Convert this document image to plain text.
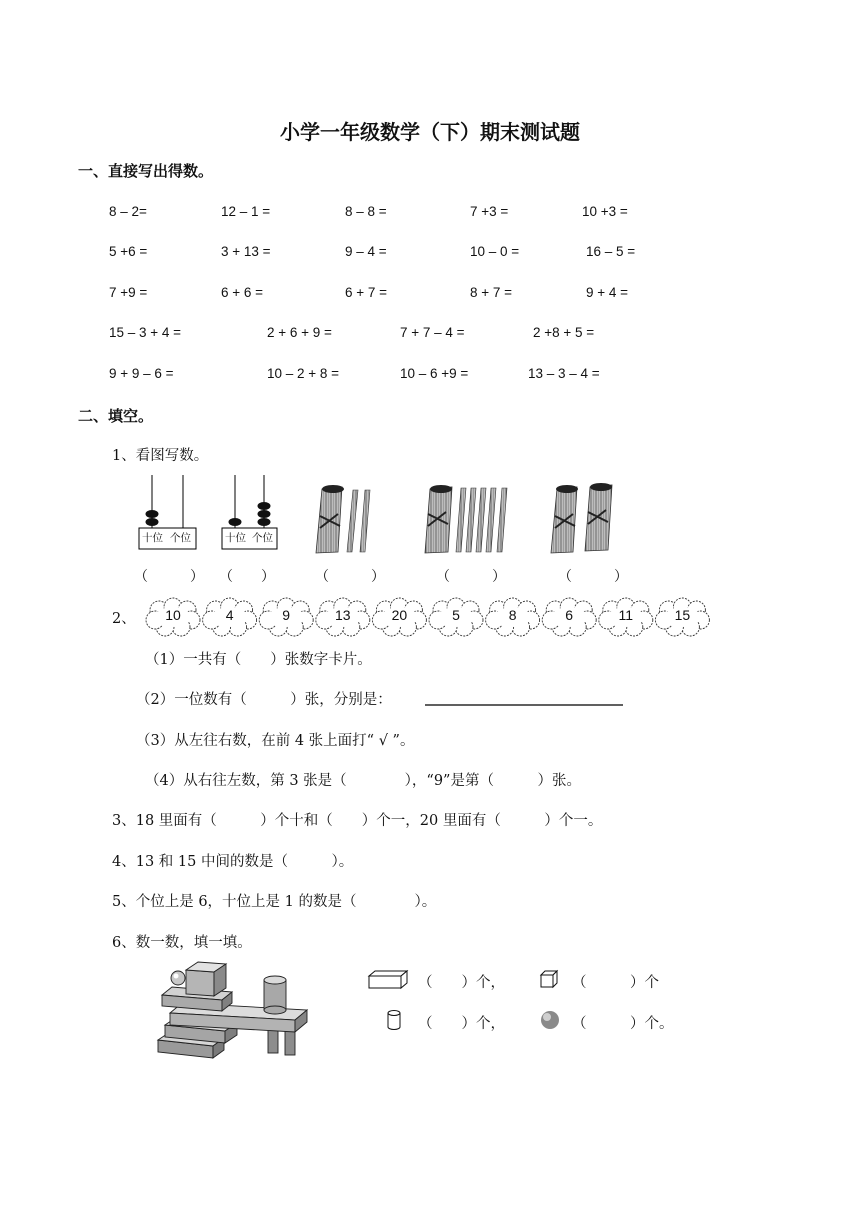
小学一年级数学（下）期末测试题
一、直接写出得数。
8 – 2=	12 – 1 =	8 – 8 =	7 +3 =	10 +3 =
5 +6 =	3 + 13 =	9 – 4 =	10 – 0 =	16 – 5 =
7 +9 =	6 + 6 =	6 + 7 =	8 + 7 =	9 + 4 =
15 – 3 + 4 =	2 + 6 + 9 =	7 + 7 – 4 =	2 +8 + 5 =
9 + 9 – 6 =	10 – 2 + 8 =	10 – 6 +9 =	13 – 3 – 4 =
二、填空。
1、看图写数。
十位 个位	十位 个位
（　　　） （　　）	（　　　）	（　　　）	（　　　）
2、	10	4	9	13	20	5	8	6	11	15
（1）一共有（　　）张数字卡片。
（2）一位数有（　　　）张，分别是：
（3）从左往右数，在前 4 张上面打“ √ ”。
（4）从右往左数，第 3 张是（　　　　），“9”是第（　　　）张。
3、18 里面有（　　　）个十和（　　）个一，20 里面有（　　　）个一。
4、13 和 15 中间的数是（　　　）。
5、个位上是 6，十位上是 1 的数是（　　　　）。
6、数一数，填一填。
（　　）个，	（　　　）个
（　　）个，	（　　　）个。
